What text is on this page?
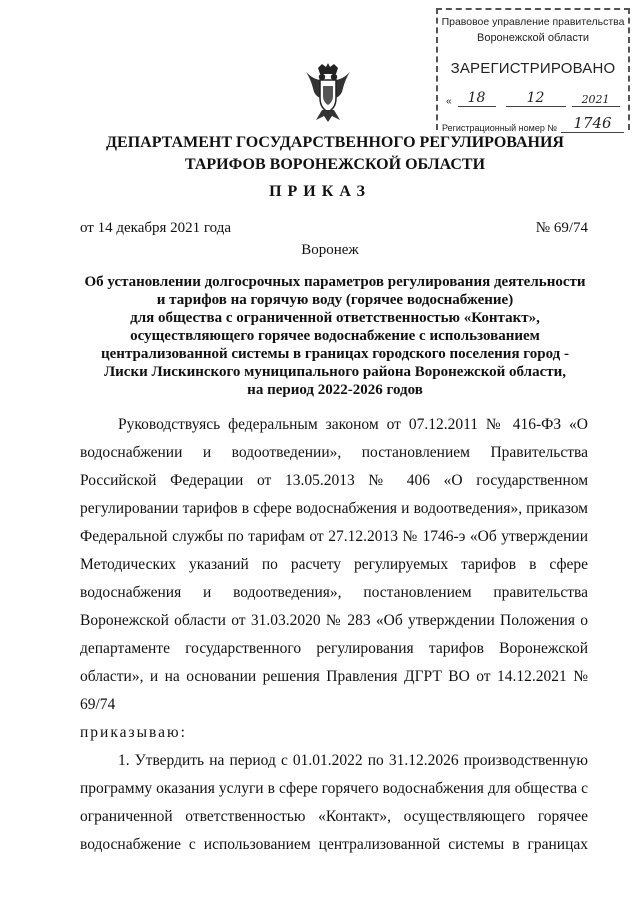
Правовое управление правительства
Воронежской области
ЗАРЕГИСТРИРОВАНО
«	18	12	2021
Регистрационный номер №	1746
ДЕПАРТАМЕНТ ГОСУДАРСТВЕННОГО РЕГУЛИРОВАНИЯ
ТАРИФОВ ВОРОНЕЖСКОЙ ОБЛАСТИ
ПРИКАЗ
от 14 декабря 2021 года	№ 69/74
Воронеж
Об установлении долгосрочных параметров регулирования деятельности
и тарифов на горячую воду (горячее водоснабжение)
для общества с ограниченной ответственностью «Контакт»,
осуществляющего горячее водоснабжение с использованием
централизованной системы в границах городского поселения город -
Лиски Лискинского муниципального района Воронежской области,
на период 2022-2026 годов

Руководствуясь федеральным законом от 07.12.2011 № 416-ФЗ «О водоснабжении и водоотведении», постановлением Правительства Российской Федерации от 13.05.2013 № 406 «О государственном регулировании тарифов в сфере водоснабжения и водоотведения», приказом Федеральной службы по тарифам от 27.12.2013 № 1746-э «Об утверждении Методических указаний по расчету регулируемых тарифов в сфере водоснабжения и водоотведения», постановлением правительства Воронежской области от 31.03.2020 № 283 «Об утверждении Положения о департаменте государственного регулирования тарифов Воронежской области», и на основании решения Правления ДГРТ ВО от 14.12.2021 № 69/74

приказываю:

1. Утвердить на период с 01.01.2022 по 31.12.2026 производственную программу оказания услуги в сфере горячего водоснабжения для общества с ограниченной ответственностью «Контакт», осуществляющего горячее водоснабжение с использованием централизованной системы в границах
